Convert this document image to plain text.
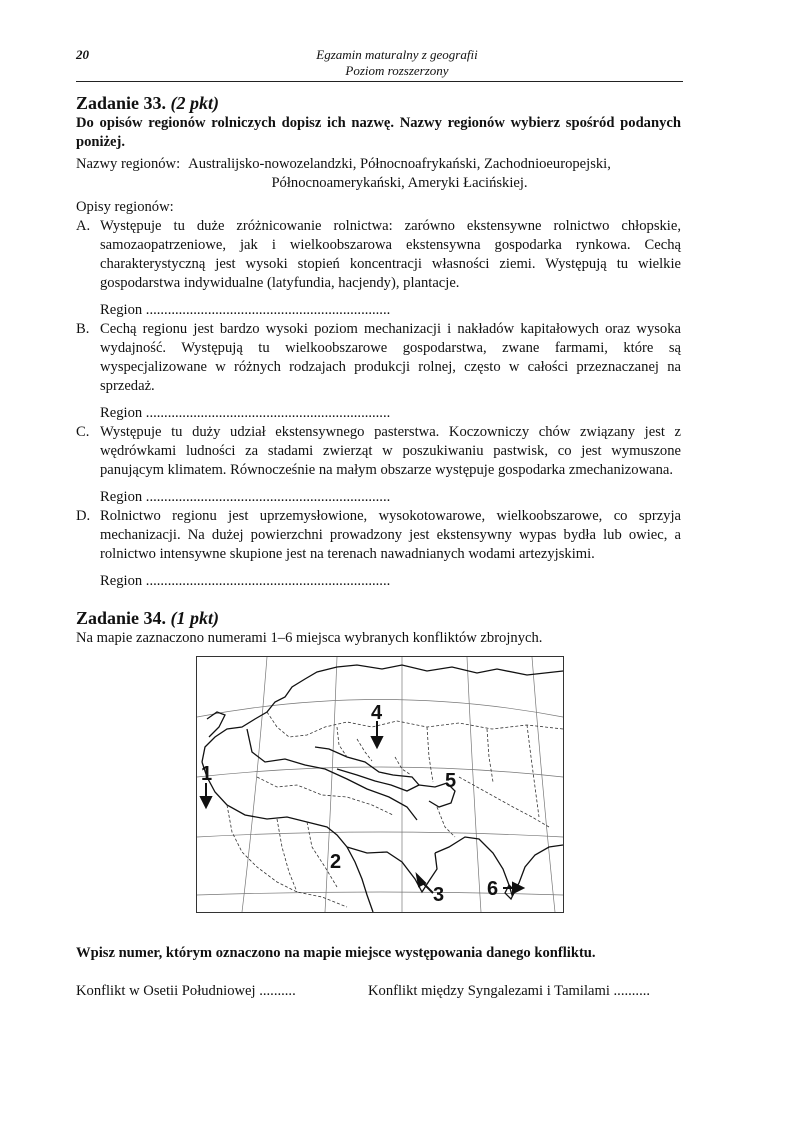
20	Egzamin maturalny z geografii
Poziom rozszerzony
Zadanie 33. (2 pkt)
Do opisów regionów rolniczych dopisz ich nazwę. Nazwy regionów wybierz spośród podanych poniżej.
Nazwy regionów: Australijsko-nowozelandzki, Północnoafrykański, Zachodnioeuropejski,
Północnoamerykański, Ameryki Łacińskiej.
Opisy regionów:
A. Występuje tu duże zróżnicowanie rolnictwa: zarówno ekstensywne rolnictwo chłopskie, samozaopatrzeniowe, jak i wielkoobszarowa ekstensywna gospodarka rynkowa. Cechą charakterystyczną jest wysoki stopień koncentracji własności ziemi. Występują tu wielkie gospodarstwa indywidualne (latyfundia, hacjendy), plantacje.
Region ...................................................................
B. Cechą regionu jest bardzo wysoki poziom mechanizacji i nakładów kapitałowych oraz wysoka wydajność. Występują tu wielkoobszarowe gospodarstwa, zwane farmami, które są wyspecjalizowane w różnych rodzajach produkcji rolnej, często w całości przeznaczanej na sprzedaż.
Region ...................................................................
C. Występuje tu duży udział ekstensywnego pasterstwa. Koczowniczy chów związany jest z wędrówkami ludności za stadami zwierząt w poszukiwaniu pastwisk, co jest wymuszone panującym klimatem. Równocześnie na małym obszarze występuje gospodarka zmechanizowana.
Region ...................................................................
D. Rolnictwo regionu jest uprzemysłowione, wysokotowarowe, wielkoobszarowe, co sprzyja mechanizacji. Na dużej powierzchni prowadzony jest ekstensywny wypas bydła lub owiec, a rolnictwo intensywne skupione jest na terenach nawadnianych wodami artezyjskimi.
Region ...................................................................
Zadanie 34. (1 pkt)
Na mapie zaznaczono numerami 1–6 miejsca wybranych konfliktów zbrojnych.
1
2
3
4
5
6
Wpisz numer, którym oznaczono na mapie miejsce występowania danego konfliktu.
Konflikt w Osetii Południowej ..........	Konflikt między Syngalezami i Tamilami ..........
